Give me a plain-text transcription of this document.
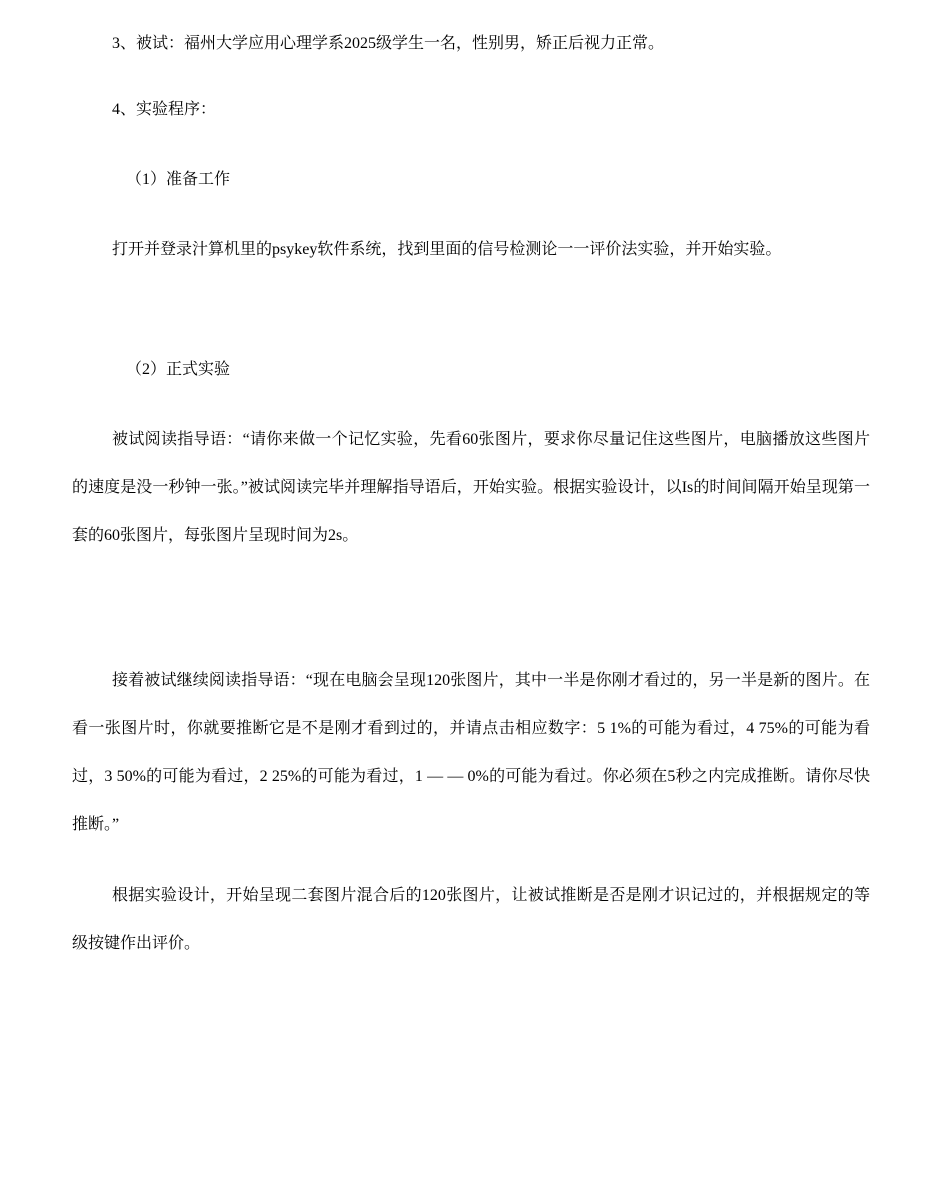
3、被试：福州大学应用心理学系2025级学生一名，性别男，矫正后视力正常。

4、实验程序：

（1）准备工作

打开并登录汁算机里的psykey软件系统，找到里面的信号检测论一一评价法实验，并开始实验。

（2）正式实验

被试阅读指导语：“请你来做一个记忆实验，先看60张图片，要求你尽量记住这些图片，电脑播放这些图片的速度是没一秒钟一张。”被试阅读完毕并理解指导语后，开始实验。根据实验设计，以Is的时间间隔开始呈现第一套的60张图片，每张图片呈现时间为2s。

接着被试继续阅读指导语：“现在电脑会呈现120张图片，其中一半是你刚才看过的，另一半是新的图片。在看一张图片时，你就要推断它是不是刚才看到过的，并请点击相应数字：5 1%的可能为看过，4 75%的可能为看过，3 50%的可能为看过，2 25%的可能为看过，1 — — 0%的可能为看过。你必须在5秒之内完成推断。请你尽快推断。”

根据实验设计，开始呈现二套图片混合后的120张图片，让被试推断是否是刚才识记过的，并根据规定的等级按键作出评价。
